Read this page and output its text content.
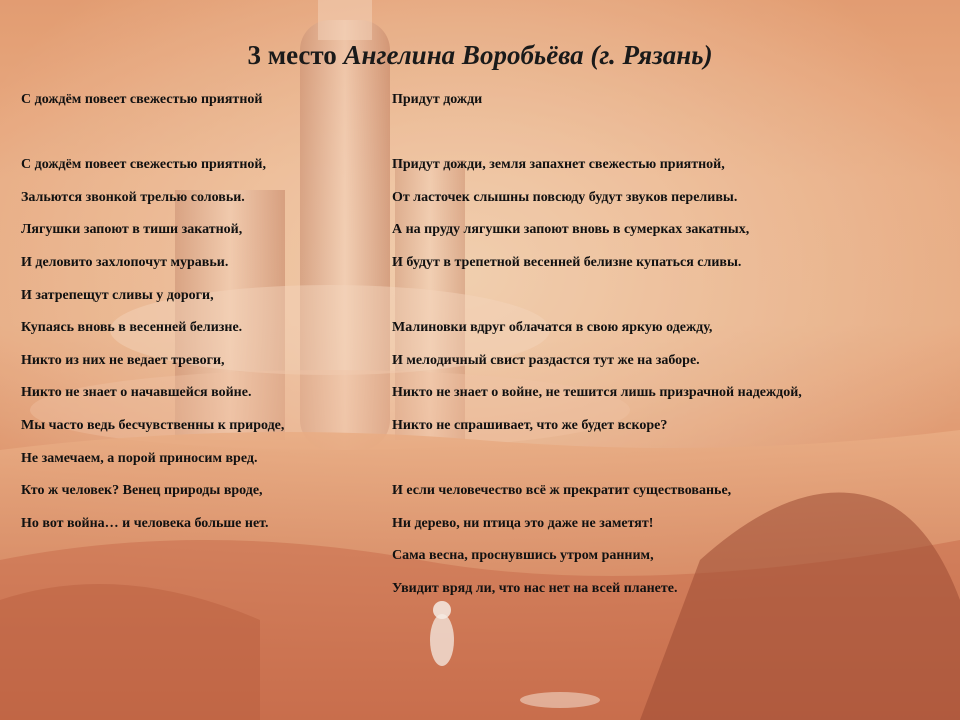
3 место Ангелина Воробьёва (г. Рязань)
С дождём повеет свежестью приятной
С дождём повеет свежестью приятной,
Зальются звонкой трелью соловьи.
Лягушки запоют в тиши закатной,
И деловито захлопочут муравьи.
И затрепещут сливы у дороги,
Купаясь вновь в весенней белизне.
Никто из них не ведает тревоги,
Никто не знает о начавшейся войне.
Мы часто ведь бесчувственны к природе,
Не замечаем, а порой приносим вред.
Кто ж человек? Венец природы вроде,
Но вот война… и человека больше нет.
Придут дожди
Придут дожди, земля запахнет свежестью приятной,
От ласточек слышны повсюду будут звуков переливы.
А на пруду лягушки запоют вновь в сумерках закатных,
И будут в трепетной весенней белизне купаться сливы.
Малиновки вдруг облачатся в свою яркую одежду,
И мелодичный свист раздастся тут же на заборе.
Никто не знает о войне, не тешится лишь призрачной надеждой,
Никто не спрашивает, что же будет вскоре?
И если человечество всё ж прекратит существованье,
Ни дерево, ни птица это даже не заметят!
Сама весна, проснувшись утром ранним,
Увидит вряд ли, что нас нет на всей планете.
